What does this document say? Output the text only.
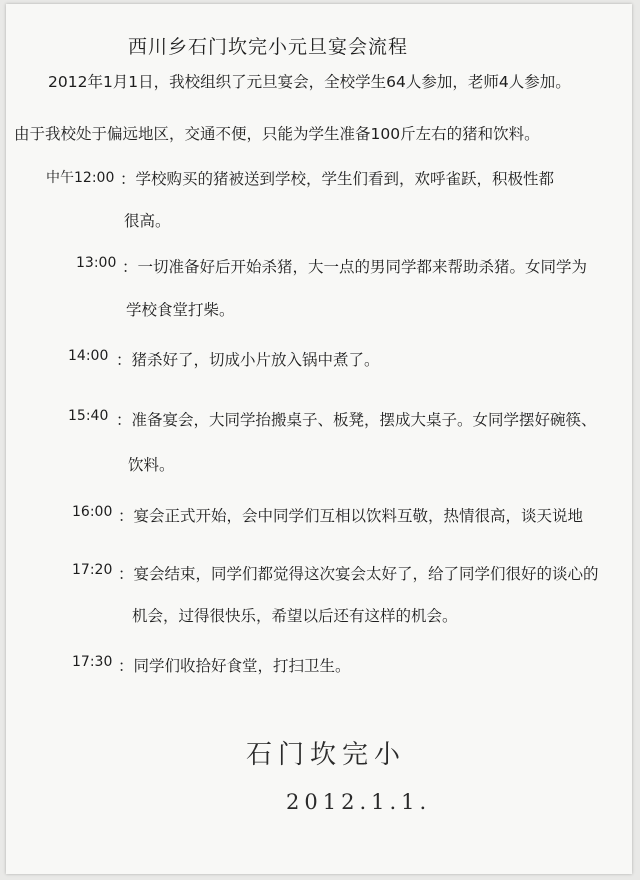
西川乡石门坎完小元旦宴会流程
2012年1月1日，我校组织了元旦宴会，全校学生64人参加，老师4人参加。
由于我校处于偏远地区，交通不便，只能为学生准备100斤左右的猪和饮料。
中午12:00 ：学校购买的猪被送到学校，学生们看到，欢呼雀跃，积极性都
很高。
13:00 ：一切准备好后开始杀猪，大一点的男同学都来帮助杀猪。女同学为
学校食堂打柴。
14:00 ：猪杀好了，切成小片放入锅中煮了。
15:40 ：准备宴会，大同学抬搬桌子、板凳，摆成大桌子。女同学摆好碗筷、
饮料。
16:00 ：宴会正式开始，会中同学们互相以饮料互敬，热情很高，谈天说地
17:20 ：宴会结束，同学们都觉得这次宴会太好了，给了同学们很好的谈心的
机会，过得很快乐，希望以后还有这样的机会。
17:30 ：同学们收拾好食堂，打扫卫生。
石门坎完小
2012.1.1.
